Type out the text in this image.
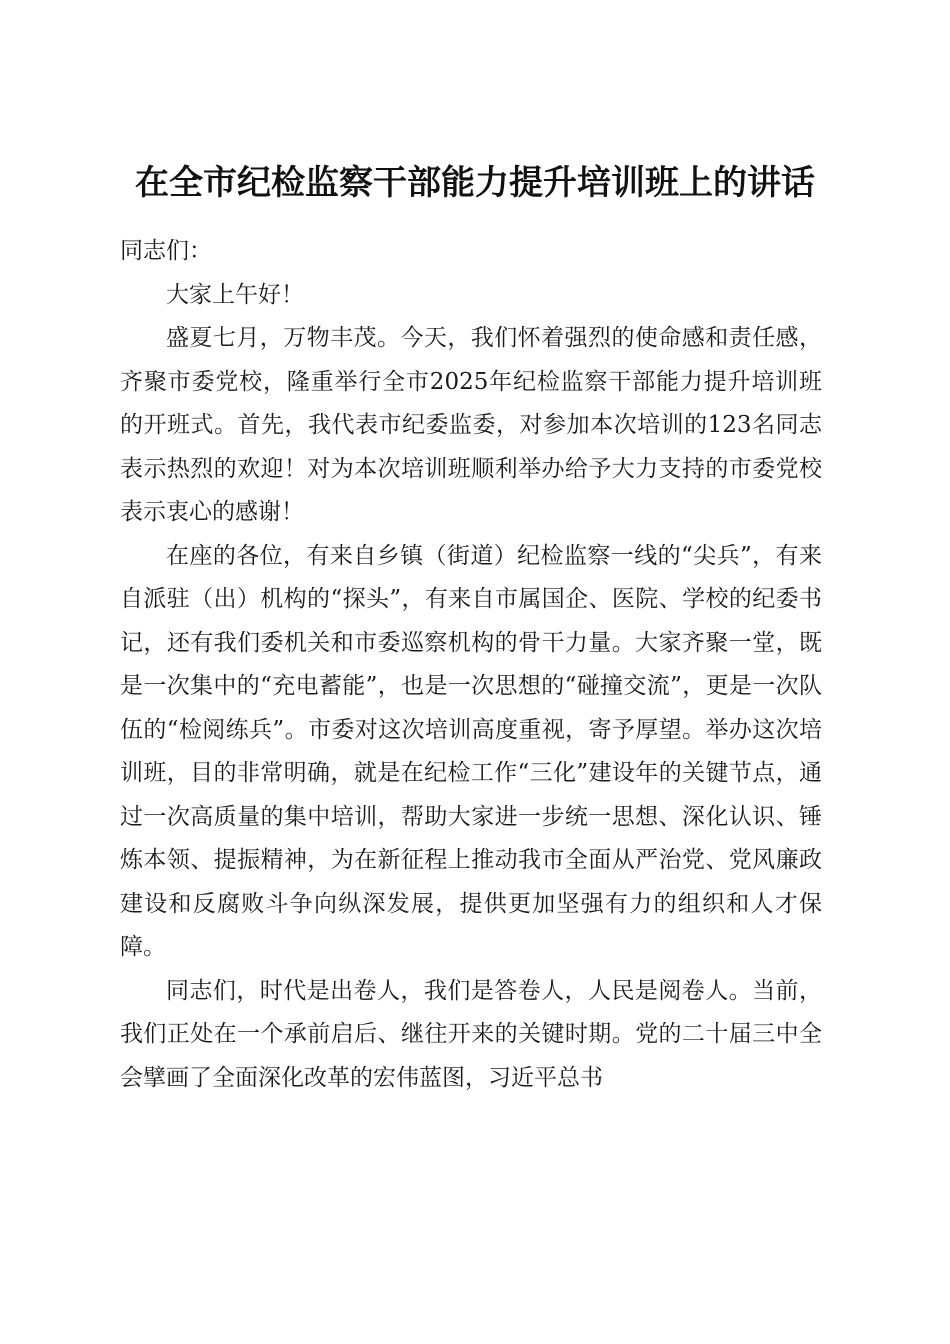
在全市纪检监察干部能力提升培训班上的讲话

同志们：

大家上午好！

盛夏七月，万物丰茂。今天，我们怀着强烈的使命感和责任感，齐聚市委党校，隆重举行全市2025年纪检监察干部能力提升培训班的开班式。首先，我代表市纪委监委，对参加本次培训的123名同志表示热烈的欢迎！对为本次培训班顺利举办给予大力支持的市委党校表示衷心的感谢！

在座的各位，有来自乡镇（街道）纪检监察一线的“尖兵”，有来自派驻（出）机构的“探头”，有来自市属国企、医院、学校的纪委书记，还有我们委机关和市委巡察机构的骨干力量。大家齐聚一堂，既是一次集中的“充电蓄能”，也是一次思想的“碰撞交流”，更是一次队伍的“检阅练兵”。市委对这次培训高度重视，寄予厚望。举办这次培训班，目的非常明确，就是在纪检工作“三化”建设年的关键节点，通过一次高质量的集中培训，帮助大家进一步统一思想、深化认识、锤炼本领、提振精神，为在新征程上推动我市全面从严治党、党风廉政建设和反腐败斗争向纵深发展，提供更加坚强有力的组织和人才保障。

同志们，时代是出卷人，我们是答卷人，人民是阅卷人。当前，我们正处在一个承前启后、继往开来的关键时期。党的二十届三中全会擘画了全面深化改革的宏伟蓝图，习近平总书
